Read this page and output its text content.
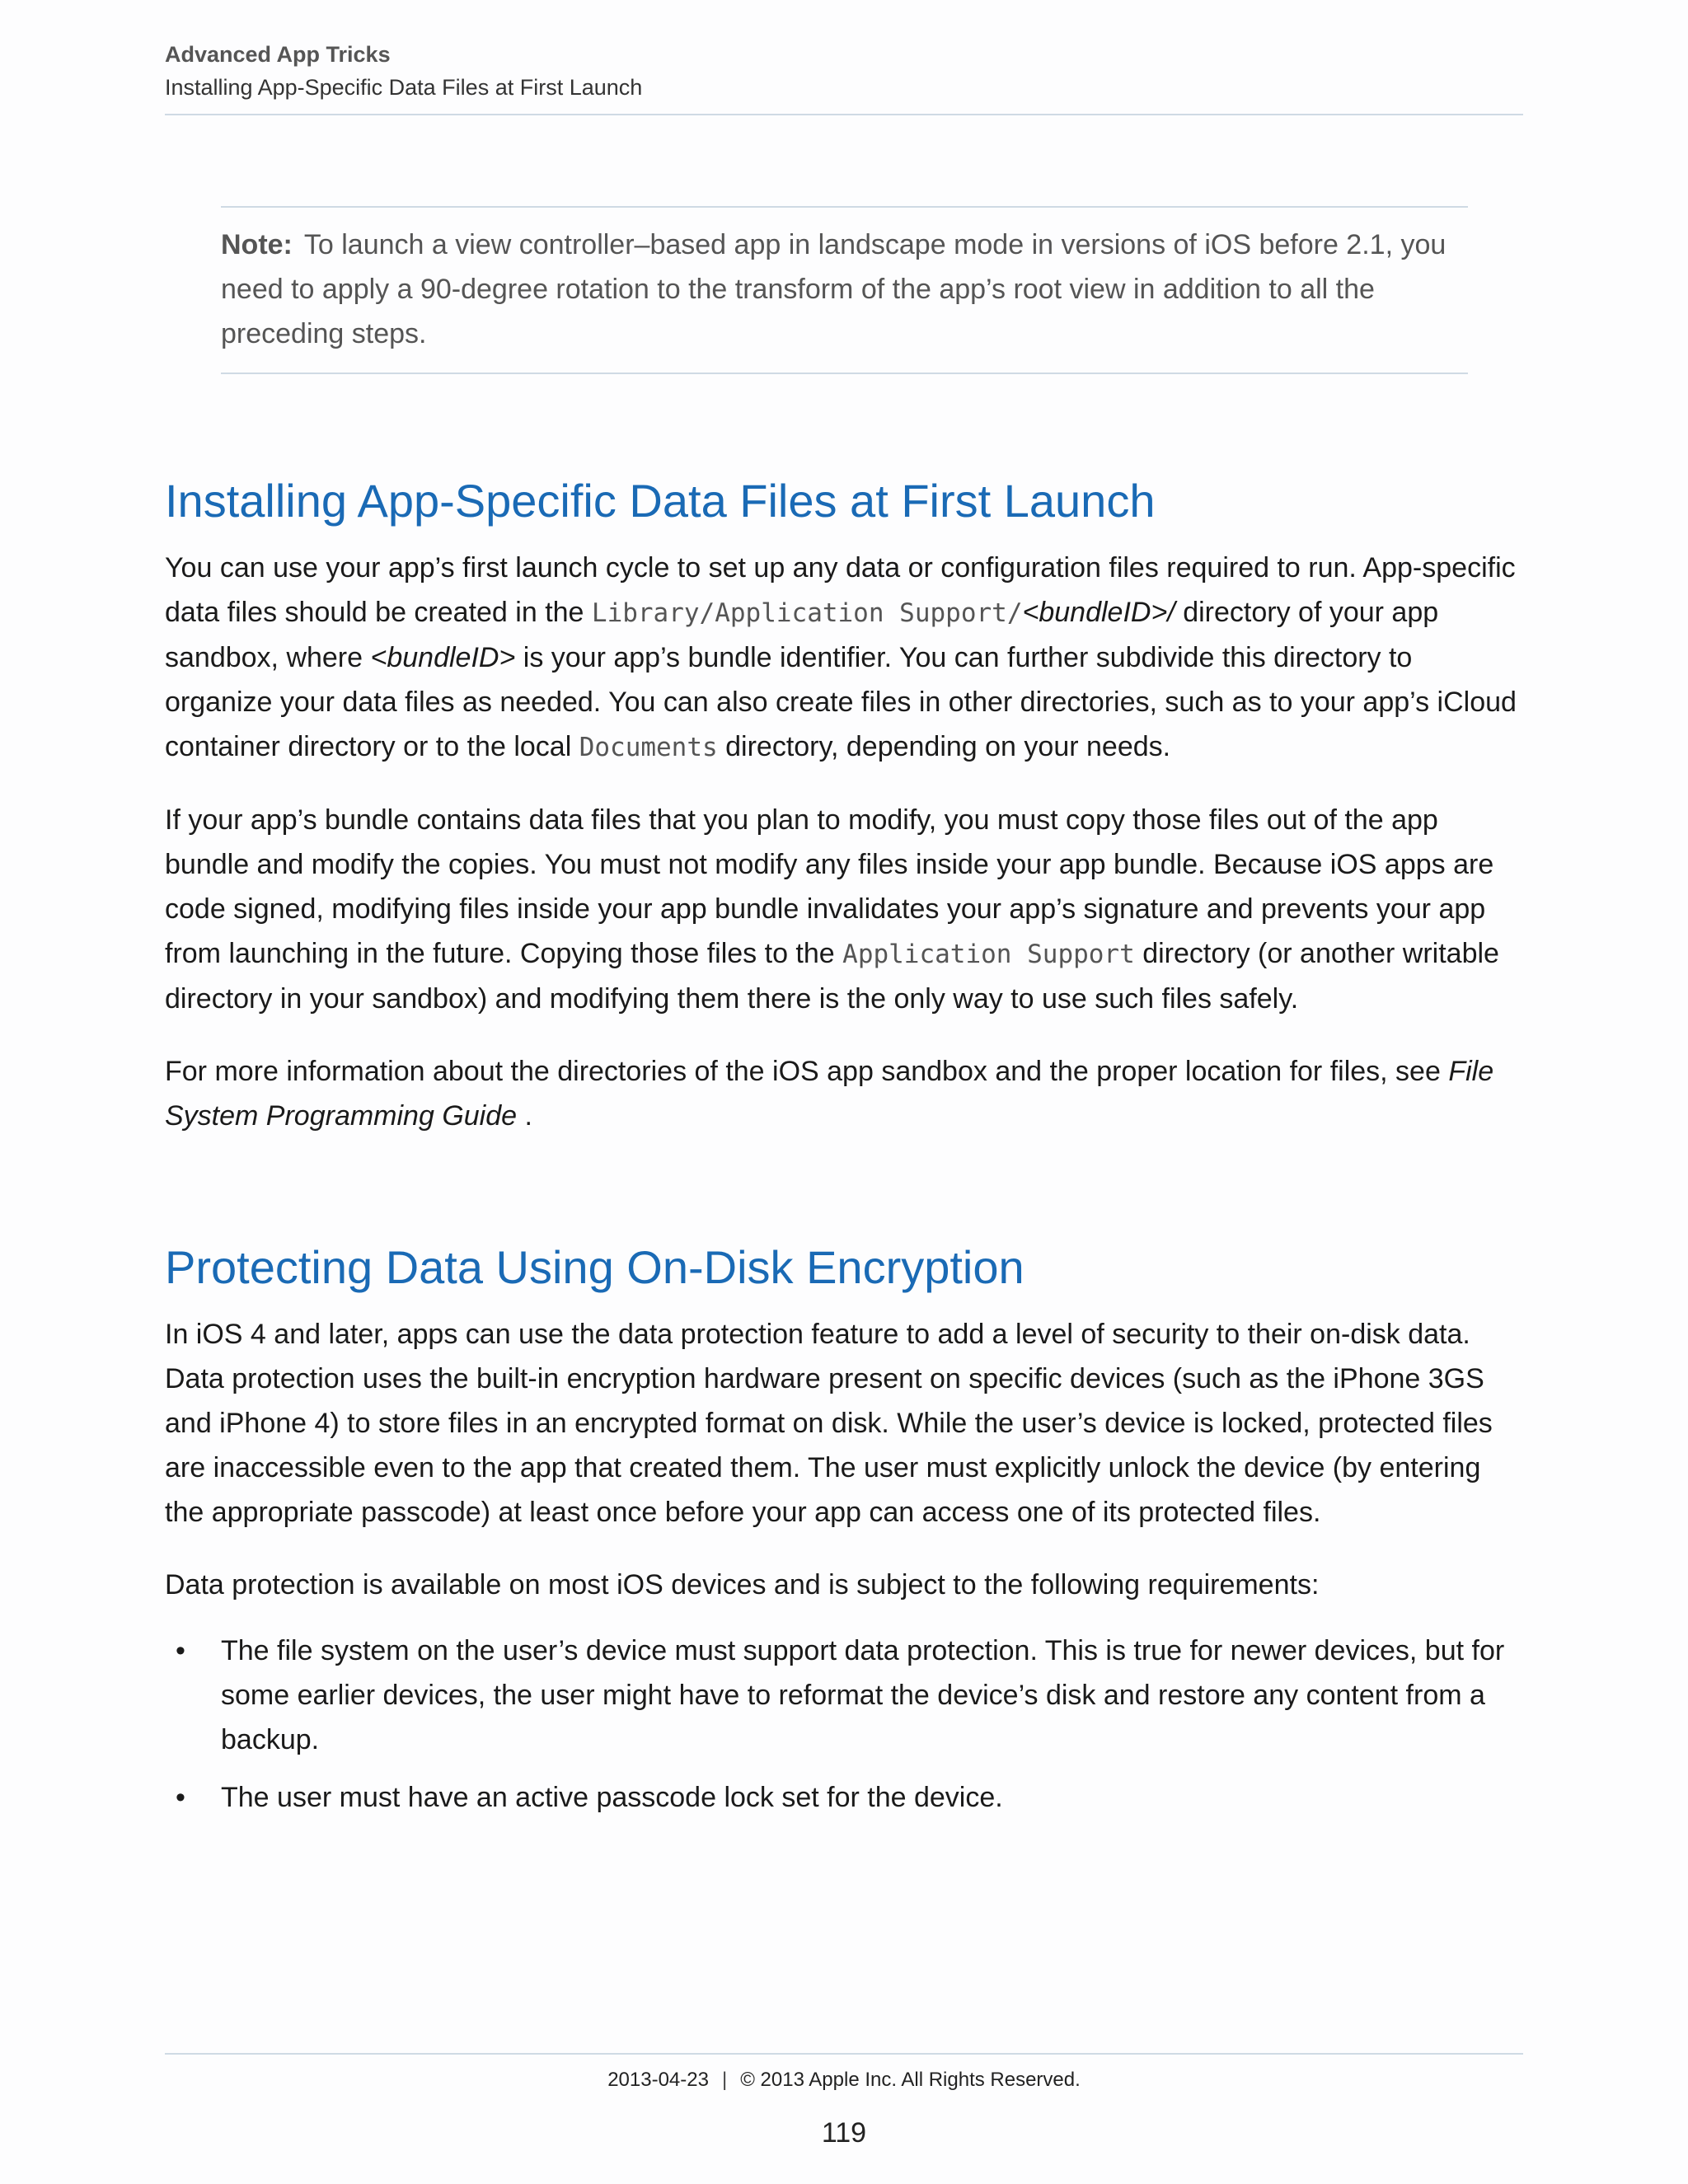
Advanced App Tricks
Installing App-Specific Data Files at First Launch

Note: To launch a view controller–based app in landscape mode in versions of iOS before 2.1, you need to apply a 90-degree rotation to the transform of the app’s root view in addition to all the preceding steps.

Installing App-Specific Data Files at First Launch

You can use your app’s first launch cycle to set up any data or configuration files required to run. App-specific data files should be created in the Library/Application Support/<bundleID>/ directory of your app sandbox, where <bundleID> is your app’s bundle identifier. You can further subdivide this directory to organize your data files as needed. You can also create files in other directories, such as to your app’s iCloud container directory or to the local Documents directory, depending on your needs.

If your app’s bundle contains data files that you plan to modify, you must copy those files out of the app bundle and modify the copies. You must not modify any files inside your app bundle. Because iOS apps are code signed, modifying files inside your app bundle invalidates your app’s signature and prevents your app from launching in the future. Copying those files to the Application Support directory (or another writable directory in your sandbox) and modifying them there is the only way to use such files safely.

For more information about the directories of the iOS app sandbox and the proper location for files, see File System Programming Guide .

Protecting Data Using On-Disk Encryption

In iOS 4 and later, apps can use the data protection feature to add a level of security to their on-disk data. Data protection uses the built-in encryption hardware present on specific devices (such as the iPhone 3GS and iPhone 4) to store files in an encrypted format on disk. While the user’s device is locked, protected files are inaccessible even to the app that created them. The user must explicitly unlock the device (by entering the appropriate passcode) at least once before your app can access one of its protected files.

Data protection is available on most iOS devices and is subject to the following requirements:

• The file system on the user’s device must support data protection. This is true for newer devices, but for some earlier devices, the user might have to reformat the device’s disk and restore any content from a backup.
• The user must have an active passcode lock set for the device.
2013-04-23 | © 2013 Apple Inc. All Rights Reserved.
119
